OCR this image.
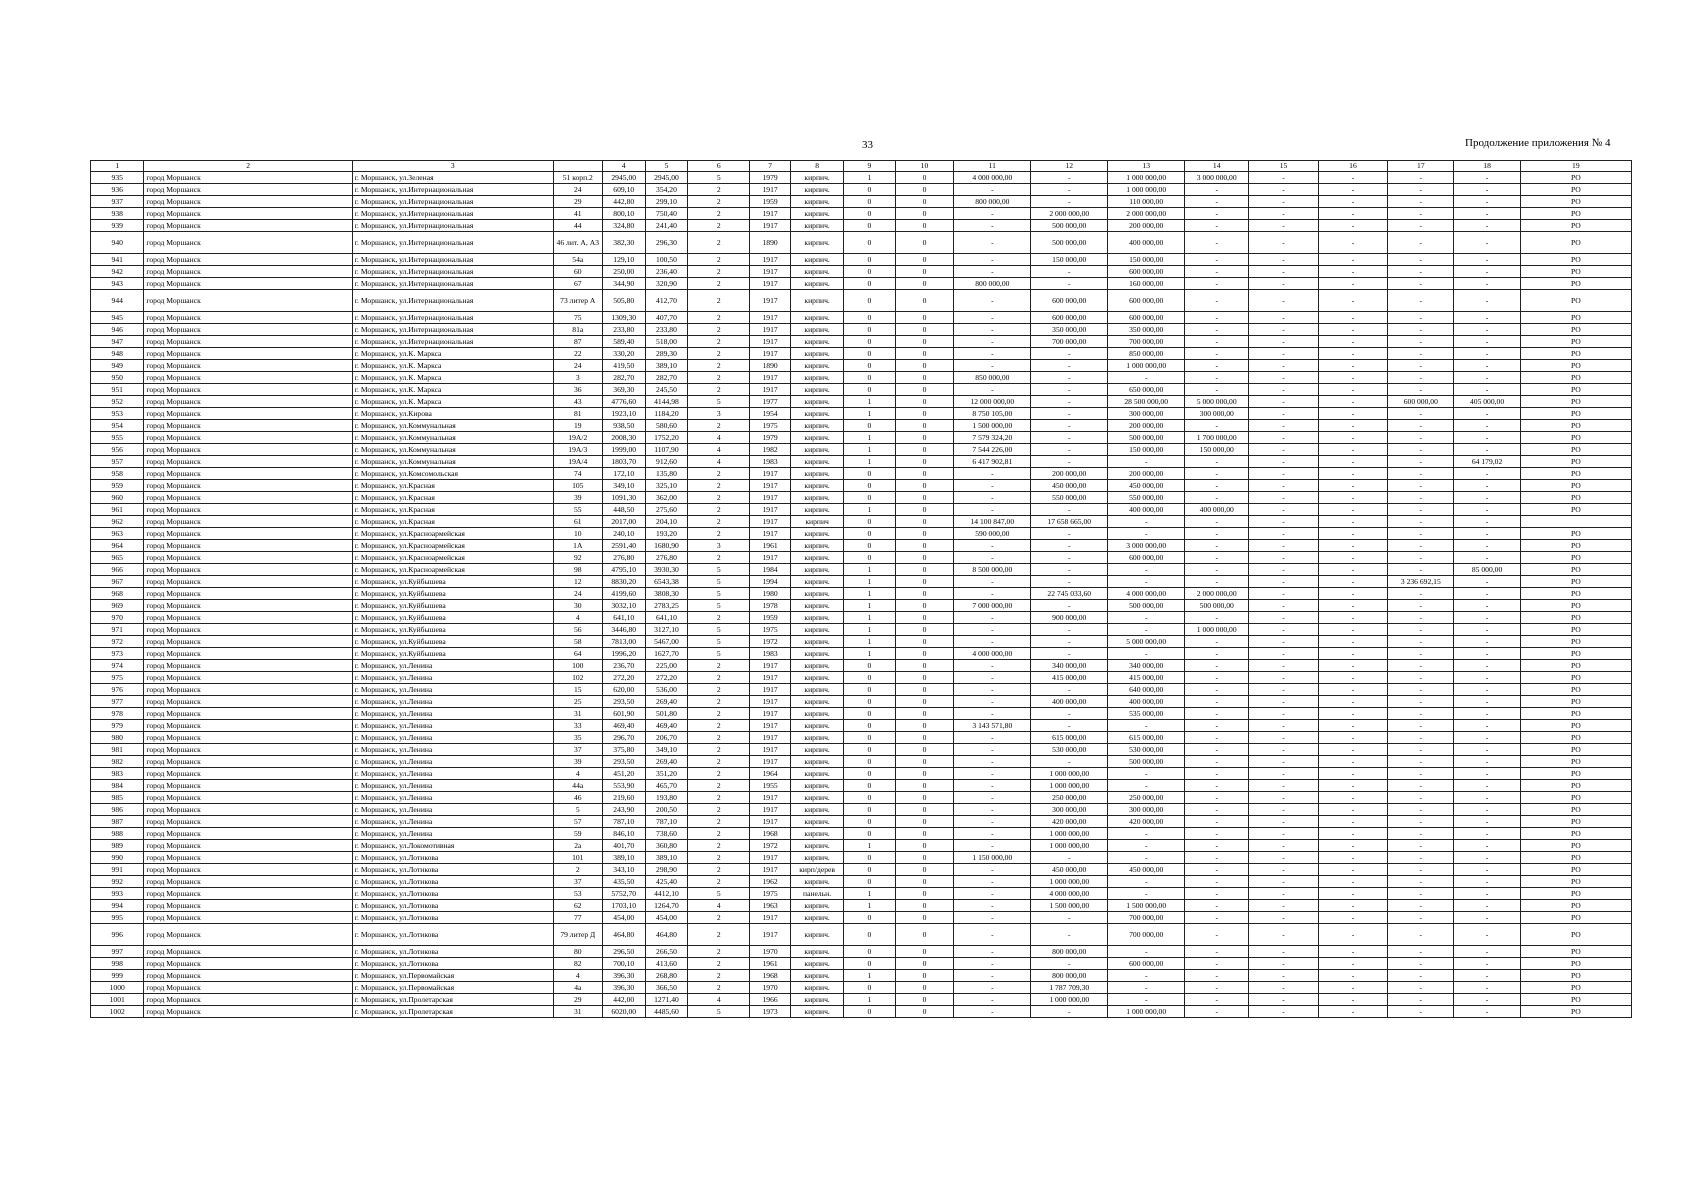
33	Продолжение приложения № 4
1	2	3		4	5	6	7	8	9	10	11	12	13	14	15	16	17	18	19
935	город Моршанск	г. Моршанск, ул.Зеленая	51 корп.2	2945,00	2945,00	5	1979	кирпич.	1	0	4 000 000,00	-	1 000 000,00	3 000 000,00	-	-	-	-	РО
936	город Моршанск	г. Моршанск, ул.Интернациональная	24	609,10	354,20	2	1917	кирпич.	0	0	-	-	1 000 000,00	-	-	-	-	-	РО
937	город Моршанск	г. Моршанск, ул.Интернациональная	29	442,80	299,10	2	1959	кирпич.	0	0	800 000,00	-	110 000,00	-	-	-	-	-	РО
938	город Моршанск	г. Моршанск, ул.Интернациональная	41	800,10	750,40	2	1917	кирпич.	0	0	-	2 000 000,00	2 000 000,00	-	-	-	-	-	РО
939	город Моршанск	г. Моршанск, ул.Интернациональная	44	324,80	241,40	2	1917	кирпич.	0	0	-	500 000,00	200 000,00	-	-	-	-	-	РО
940	город Моршанск	г. Моршанск, ул.Интернациональная	46 лит. А, А3	382,30	296,30	2	1890	кирпич.	0	0	-	500 000,00	400 000,00	-	-	-	-	-	РО
941	город Моршанск	г. Моршанск, ул.Интернациональная	54а	129,10	100,50	2	1917	кирпич.	0	0	-	150 000,00	150 000,00	-	-	-	-	-	РО
942	город Моршанск	г. Моршанск, ул.Интернациональная	60	250,00	236,40	2	1917	кирпич.	0	0	-	-	600 000,00	-	-	-	-	-	РО
943	город Моршанск	г. Моршанск, ул.Интернациональная	67	344,90	320,90	2	1917	кирпич.	0	0	800 000,00	-	160 000,00	-	-	-	-	-	РО
944	город Моршанск	г. Моршанск, ул.Интернациональная	73 литер А	505,80	412,70	2	1917	кирпич.	0	0	-	600 000,00	600 000,00	-	-	-	-	-	РО
945	город Моршанск	г. Моршанск, ул.Интернациональная	75	1309,30	407,70	2	1917	кирпич.	0	0	-	600 000,00	600 000,00	-	-	-	-	-	РО
946	город Моршанск	г. Моршанск, ул.Интернациональная	81а	233,80	233,80	2	1917	кирпич.	0	0	-	350 000,00	350 000,00	-	-	-	-	-	РО
947	город Моршанск	г. Моршанск, ул.Интернациональная	87	589,40	518,00	2	1917	кирпич.	0	0	-	700 000,00	700 000,00	-	-	-	-	-	РО
948	город Моршанск	г. Моршанск, ул.К. Маркса	22	330,20	289,30	2	1917	кирпич.	0	0	-	-	850 000,00	-	-	-	-	-	РО
949	город Моршанск	г. Моршанск, ул.К. Маркса	24	419,50	389,10	2	1890	кирпич.	0	0	-	-	1 000 000,00	-	-	-	-	-	РО
950	город Моршанск	г. Моршанск, ул.К. Маркса	3	282,70	282,70	2	1917	кирпич.	0	0	850 000,00	-	-	-	-	-	-	-	РО
951	город Моршанск	г. Моршанск, ул.К. Маркса	36	369,30	245,50	2	1917	кирпич.	0	0	-	-	650 000,00	-	-	-	-	-	РО
952	город Моршанск	г. Моршанск, ул.К. Маркса	43	4776,60	4144,98	5	1977	кирпич.	1	0	12 000 000,00	-	28 500 000,00	5 000 000,00	-	-	600 000,00	405 000,00	РО
953	город Моршанск	г. Моршанск, ул.Кирова	81	1923,10	1184,20	3	1954	кирпич.	1	0	8 750 105,00	-	300 000,00	300 000,00	-	-	-	-	РО
954	город Моршанск	г. Моршанск, ул.Коммунальная	19	938,50	580,60	2	1975	кирпич.	0	0	1 500 000,00	-	200 000,00	-	-	-	-	-	РО
955	город Моршанск	г. Моршанск, ул.Коммунальная	19А/2	2008,30	1752,20	4	1979	кирпич.	1	0	7 579 324,20	-	500 000,00	1 700 000,00	-	-	-	-	РО
956	город Моршанск	г. Моршанск, ул.Коммунальная	19А/3	1999,00	1107,90	4	1982	кирпич.	1	0	7 544 226,00	-	150 000,00	150 000,00	-	-	-	-	РО
957	город Моршанск	г. Моршанск, ул.Коммунальная	19А/4	1803,70	912,60	4	1983	кирпич.	1	0	6 417 902,81	-	-	-	-	-	-	64 179,02	РО
958	город Моршанск	г. Моршанск, ул.Комсомольская	74	172,10	135,80	2	1917	кирпич.	0	0	-	200 000,00	200 000,00	-	-	-	-	-	РО
959	город Моршанск	г. Моршанск, ул.Красная	105	349,10	325,10	2	1917	кирпич.	0	0	-	450 000,00	450 000,00	-	-	-	-	-	РО
960	город Моршанск	г. Моршанск, ул.Красная	39	1091,30	362,00	2	1917	кирпич.	0	0	-	550 000,00	550 000,00	-	-	-	-	-	РО
961	город Моршанск	г. Моршанск, ул.Красная	55	448,50	275,60	2	1917	кирпич.	1	0	-	-	400 000,00	400 000,00	-	-	-	-	РО
962	город Моршанск	г. Моршанск, ул.Красная	61	2017,00	204,10	2	1917	кирпич	0	0	14 100 847,00	17 658 665,00	-	-	-	-	-	-	
963	город Моршанск	г. Моршанск, ул.Красноармейская	10	240,10	193,20	2	1917	кирпич.	0	0	590 000,00	-	-	-	-	-	-	-	РО
964	город Моршанск	г. Моршанск, ул.Красноармейская	1А	2591,40	1680,90	3	1961	кирпич.	0	0	-	-	3 000 000,00	-	-	-	-	-	РО
965	город Моршанск	г. Моршанск, ул.Красноармейская	92	276,80	276,80	2	1917	кирпич.	0	0	-	-	600 000,00	-	-	-	-	-	РО
966	город Моршанск	г. Моршанск, ул.Красноармейская	98	4795,10	3930,30	5	1984	кирпич.	1	0	8 500 000,00	-	-	-	-	-	-	85 000,00	РО
967	город Моршанск	г. Моршанск, ул.Куйбышева	12	8830,20	6543,38	5	1994	кирпич.	1	0	-	-	-	-	-	-	3 236 692,15	-	РО
968	город Моршанск	г. Моршанск, ул.Куйбышева	24	4199,60	3808,30	5	1980	кирпич.	1	0	-	22 745 033,60	4 000 000,00	2 000 000,00	-	-	-	-	РО
969	город Моршанск	г. Моршанск, ул.Куйбышева	30	3032,10	2783,25	5	1978	кирпич.	1	0	7 000 000,00	-	500 000,00	500 000,00	-	-	-	-	РО
970	город Моршанск	г. Моршанск, ул.Куйбышева	4	641,10	641,10	2	1959	кирпич.	1	0	-	900 000,00	-	-	-	-	-	-	РО
971	город Моршанск	г. Моршанск, ул.Куйбышева	56	3446,80	3127,10	5	1975	кирпич.	1	0	-	-	-	1 000 000,00	-	-	-	-	РО
972	город Моршанск	г. Моршанск, ул.Куйбышева	58	7813,00	5467,00	5	1972	кирпич.	1	0	-	-	5 000 000,00	-	-	-	-	-	РО
973	город Моршанск	г. Моршанск, ул.Куйбышева	64	1996,20	1627,70	5	1983	кирпич.	1	0	4 000 000,00	-	-	-	-	-	-	-	РО
974	город Моршанск	г. Моршанск, ул.Ленина	100	236,70	225,00	2	1917	кирпич.	0	0	-	340 000,00	340 000,00	-	-	-	-	-	РО
975	город Моршанск	г. Моршанск, ул.Ленина	102	272,20	272,20	2	1917	кирпич.	0	0	-	415 000,00	415 000,00	-	-	-	-	-	РО
976	город Моршанск	г. Моршанск, ул.Ленина	15	620,00	536,00	2	1917	кирпич.	0	0	-	-	640 000,00	-	-	-	-	-	РО
977	город Моршанск	г. Моршанск, ул.Ленина	25	293,50	269,40	2	1917	кирпич.	0	0	-	400 000,00	400 000,00	-	-	-	-	-	РО
978	город Моршанск	г. Моршанск, ул.Ленина	31	601,90	501,80	2	1917	кирпич.	0	0	-	-	535 000,00	-	-	-	-	-	РО
979	город Моршанск	г. Моршанск, ул.Ленина	33	469,40	469,40	2	1917	кирпич.	0	0	3 143 571,80	-	-	-	-	-	-	-	РО
980	город Моршанск	г. Моршанск, ул.Ленина	35	296,70	206,70	2	1917	кирпич.	0	0	-	615 000,00	615 000,00	-	-	-	-	-	РО
981	город Моршанск	г. Моршанск, ул.Ленина	37	375,80	349,10	2	1917	кирпич.	0	0	-	530 000,00	530 000,00	-	-	-	-	-	РО
982	город Моршанск	г. Моршанск, ул.Ленина	39	293,50	269,40	2	1917	кирпич.	0	0	-	-	500 000,00	-	-	-	-	-	РО
983	город Моршанск	г. Моршанск, ул.Ленина	4	451,20	351,20	2	1964	кирпич.	0	0	-	1 000 000,00	-	-	-	-	-	-	РО
984	город Моршанск	г. Моршанск, ул.Ленина	44а	553,90	465,70	2	1955	кирпич.	0	0	-	1 000 000,00	-	-	-	-	-	-	РО
985	город Моршанск	г. Моршанск, ул.Ленина	46	219,60	193,80	2	1917	кирпич.	0	0	-	250 000,00	250 000,00	-	-	-	-	-	РО
986	город Моршанск	г. Моршанск, ул.Ленина	5	243,90	200,50	2	1917	кирпич.	0	0	-	300 000,00	300 000,00	-	-	-	-	-	РО
987	город Моршанск	г. Моршанск, ул.Ленина	57	787,10	787,10	2	1917	кирпич.	0	0	-	420 000,00	420 000,00	-	-	-	-	-	РО
988	город Моршанск	г. Моршанск, ул.Ленина	59	846,10	738,60	2	1968	кирпич.	0	0	-	1 000 000,00	-	-	-	-	-	-	РО
989	город Моршанск	г. Моршанск, ул.Локомотивная	2а	401,70	360,80	2	1972	кирпич.	1	0	-	1 000 000,00	-	-	-	-	-	-	РО
990	город Моршанск	г. Моршанск, ул.Лотикова	101	389,10	389,10	2	1917	кирпич.	0	0	1 150 000,00	-	-	-	-	-	-	-	РО
991	город Моршанск	г. Моршанск, ул.Лотикова	2	343,10	298,90	2	1917	кирп/дерев	0	0	-	450 000,00	450 000,00	-	-	-	-	-	РО
992	город Моршанск	г. Моршанск, ул.Лотикова	37	435,50	425,40	2	1962	кирпич.	0	0	-	1 000 000,00	-	-	-	-	-	-	РО
993	город Моршанск	г. Моршанск, ул.Лотикова	53	5752,70	4412,10	5	1975	панельн.	1	0	-	4 000 000,00	-	-	-	-	-	-	РО
994	город Моршанск	г. Моршанск, ул.Лотикова	62	1703,10	1264,70	4	1963	кирпич.	1	0	-	1 500 000,00	1 500 000,00	-	-	-	-	-	РО
995	город Моршанск	г. Моршанск, ул.Лотикова	77	454,00	454,00	2	1917	кирпич.	0	0	-	-	700 000,00	-	-	-	-	-	РО
996	город Моршанск	г. Моршанск, ул.Лотикова	79 литер Д	464,80	464,80	2	1917	кирпич.	0	0	-	-	700 000,00	-	-	-	-	-	РО
997	город Моршанск	г. Моршанск, ул.Лотикова	80	296,50	266,50	2	1970	кирпич.	0	0	-	800 000,00	-	-	-	-	-	-	РО
998	город Моршанск	г. Моршанск, ул.Лотикова	82	700,10	413,60	2	1961	кирпич.	0	0	-	-	600 000,00	-	-	-	-	-	РО
999	город Моршанск	г. Моршанск, ул.Первомайская	4	396,30	268,80	2	1968	кирпич.	1	0	-	800 000,00	-	-	-	-	-	-	РО
1000	город Моршанск	г. Моршанск, ул.Первомайская	4а	396,30	366,50	2	1970	кирпич.	0	0	-	1 787 709,30	-	-	-	-	-	-	РО
1001	город Моршанск	г. Моршанск, ул.Пролетарская	29	442,00	1271,40	4	1966	кирпич.	1	0	-	1 000 000,00	-	-	-	-	-	-	РО
1002	город Моршанск	г. Моршанск, ул.Пролетарская	31	6020,00	4485,60	5	1973	кирпич.	0	0	-	-	1 000 000,00	-	-	-	-	-	РО
